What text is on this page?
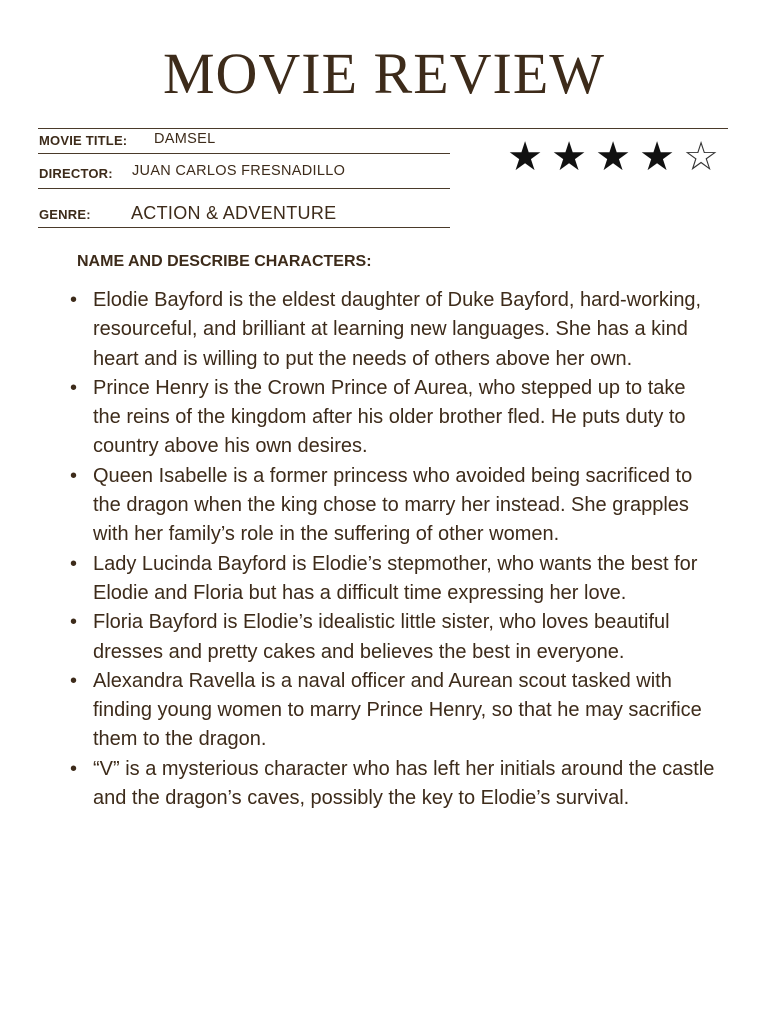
MOVIE REVIEW
MOVIE TITLE: DAMSEL
DIRECTOR: JUAN CARLOS FRESNADILLO
GENRE: ACTION & ADVENTURE
★ ★ ★ ★ ☆
NAME AND DESCRIBE CHARACTERS:
• Elodie Bayford is the eldest daughter of Duke Bayford, hard-working, resourceful, and brilliant at learning new languages. She has a kind heart and is willing to put the needs of others above her own.
• Prince Henry is the Crown Prince of Aurea, who stepped up to take the reins of the kingdom after his older brother fled. He puts duty to country above his own desires.
• Queen Isabelle is a former princess who avoided being sacrificed to the dragon when the king chose to marry her instead. She grapples with her family’s role in the suffering of other women.
• Lady Lucinda Bayford is Elodie’s stepmother, who wants the best for Elodie and Floria but has a difficult time expressing her love.
• Floria Bayford is Elodie’s idealistic little sister, who loves beautiful dresses and pretty cakes and believes the best in everyone.
• Alexandra Ravella is a naval officer and Aurean scout tasked with finding young women to marry Prince Henry, so that he may sacrifice them to the dragon.
• “V” is a mysterious character who has left her initials around the castle and the dragon’s caves, possibly the key to Elodie’s survival.
